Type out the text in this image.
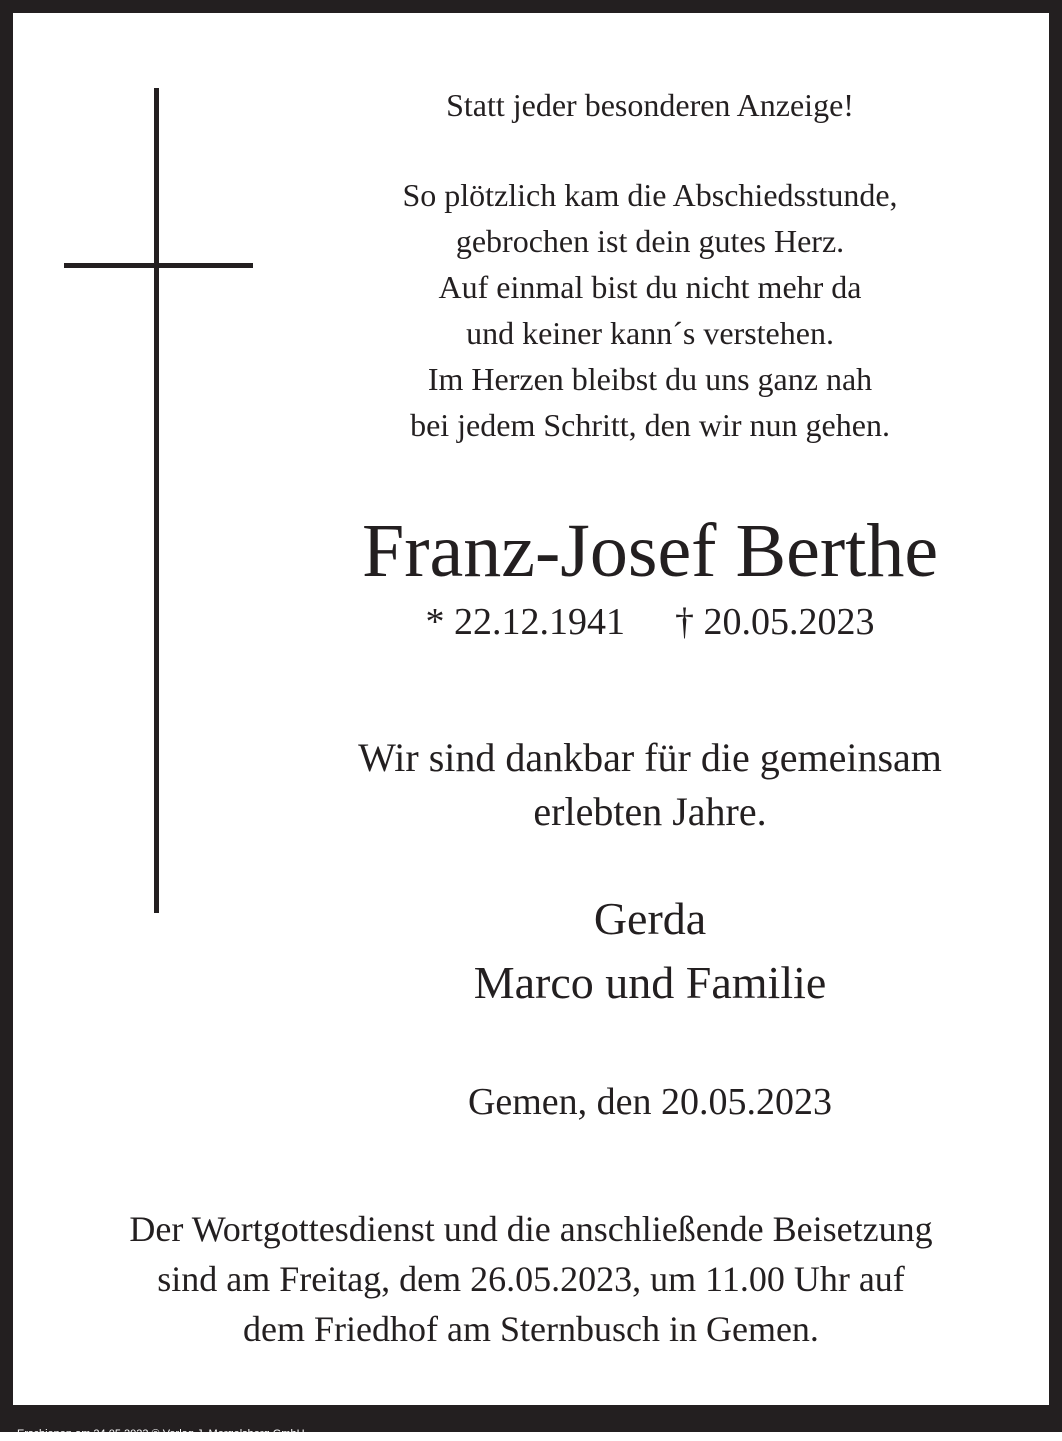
Statt jeder besonderen Anzeige!
So plötzlich kam die Abschiedsstunde,
gebrochen ist dein gutes Herz.
Auf einmal bist du nicht mehr da
und keiner kann´s verstehen.
Im Herzen bleibst du uns ganz nah
bei jedem Schritt, den wir nun gehen.
Franz-Josef Berthe
* 22.12.1941 † 20.05.2023
Wir sind dankbar für die gemeinsam
erlebten Jahre.
Gerda
Marco und Familie
Gemen, den 20.05.2023
Der Wortgottesdienst und die anschließende Beisetzung
sind am Freitag, dem 26.05.2023, um 11.00 Uhr auf
dem Friedhof am Sternbusch in Gemen.
Erschienen am 24.05.2023 © Verlag J. Mergelsberg GmbH
